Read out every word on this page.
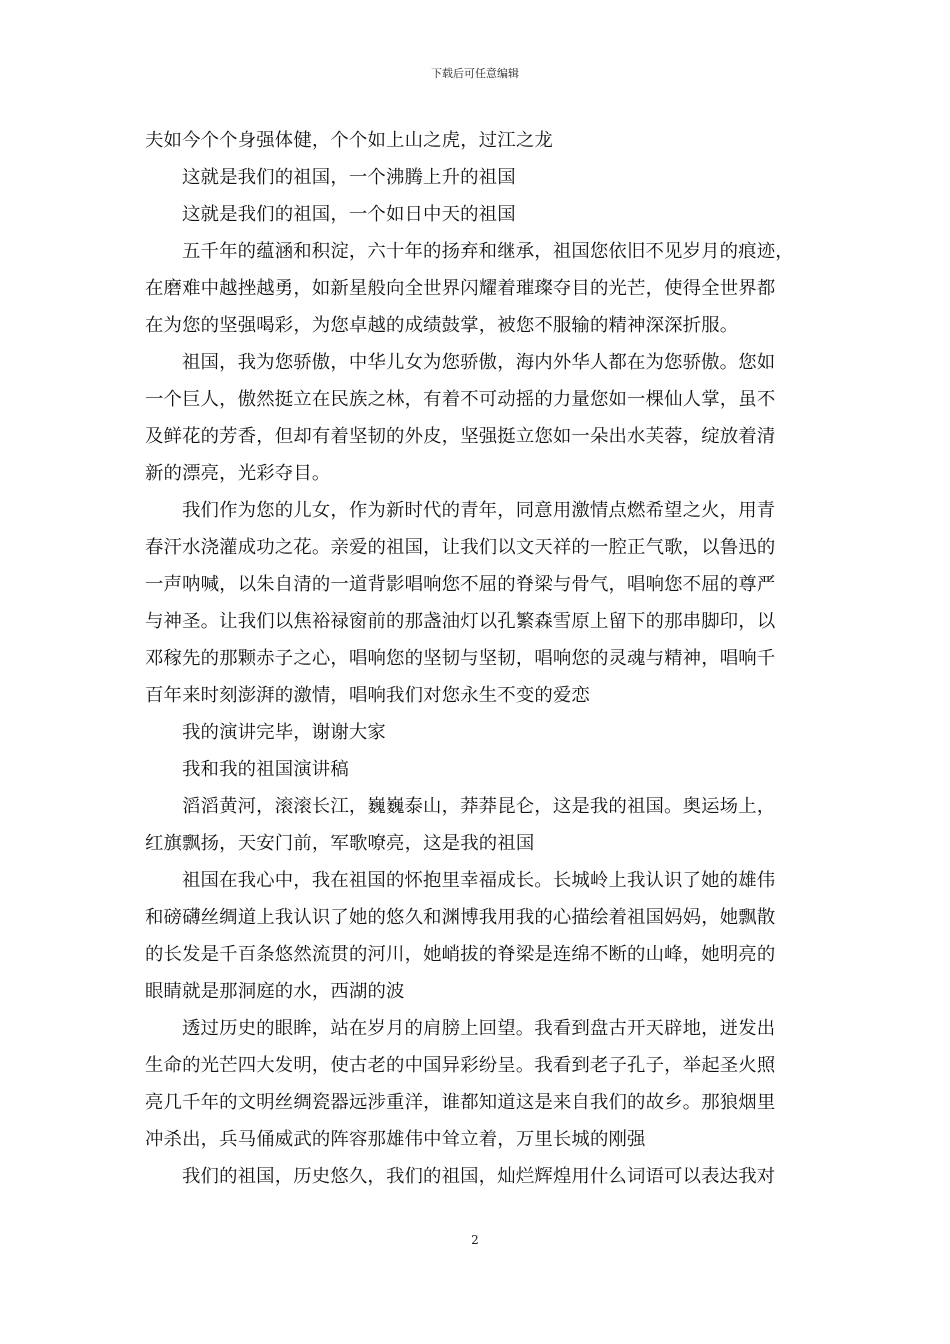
下载后可任意编辑
夫如今个个身强体健，个个如上山之虎，过江之龙
这就是我们的祖国，一个沸腾上升的祖国
这就是我们的祖国，一个如日中天的祖国
五千年的蕴涵和积淀，六十年的扬弃和继承，祖国您依旧不见岁月的痕迹，
在磨难中越挫越勇，如新星般向全世界闪耀着璀璨夺目的光芒，使得全世界都
在为您的坚强喝彩，为您卓越的成绩鼓掌，被您不服输的精神深深折服。
祖国，我为您骄傲，中华儿女为您骄傲，海内外华人都在为您骄傲。您如
一个巨人，傲然挺立在民族之林，有着不可动摇的力量您如一棵仙人掌，虽不
及鲜花的芳香，但却有着坚韧的外皮，坚强挺立您如一朵出水芙蓉，绽放着清
新的漂亮，光彩夺目。
我们作为您的儿女，作为新时代的青年，同意用激情点燃希望之火，用青
春汗水浇灌成功之花。亲爱的祖国，让我们以文天祥的一腔正气歌，以鲁迅的
一声呐喊，以朱自清的一道背影唱响您不屈的脊梁与骨气，唱响您不屈的尊严
与神圣。让我们以焦裕禄窗前的那盏油灯以孔繁森雪原上留下的那串脚印，以
邓稼先的那颗赤子之心，唱响您的坚韧与坚韧，唱响您的灵魂与精神，唱响千
百年来时刻澎湃的激情，唱响我们对您永生不变的爱恋
我的演讲完毕，谢谢大家
我和我的祖国演讲稿
滔滔黄河，滚滚长江，巍巍泰山，莽莽昆仑，这是我的祖国。奥运场上，
红旗飘扬，天安门前，军歌嘹亮，这是我的祖国
祖国在我心中，我在祖国的怀抱里幸福成长。长城岭上我认识了她的雄伟
和磅礴丝绸道上我认识了她的悠久和渊博我用我的心描绘着祖国妈妈，她飘散
的长发是千百条悠然流贯的河川，她峭拔的脊梁是连绵不断的山峰，她明亮的
眼睛就是那洞庭的水，西湖的波
透过历史的眼眸，站在岁月的肩膀上回望。我看到盘古开天辟地，迸发出
生命的光芒四大发明，使古老的中国异彩纷呈。我看到老子孔子，举起圣火照
亮几千年的文明丝绸瓷器远涉重洋，谁都知道这是来自我们的故乡。那狼烟里
冲杀出，兵马俑威武的阵容那雄伟中耸立着，万里长城的刚强
我们的祖国，历史悠久，我们的祖国，灿烂辉煌用什么词语可以表达我对
2
